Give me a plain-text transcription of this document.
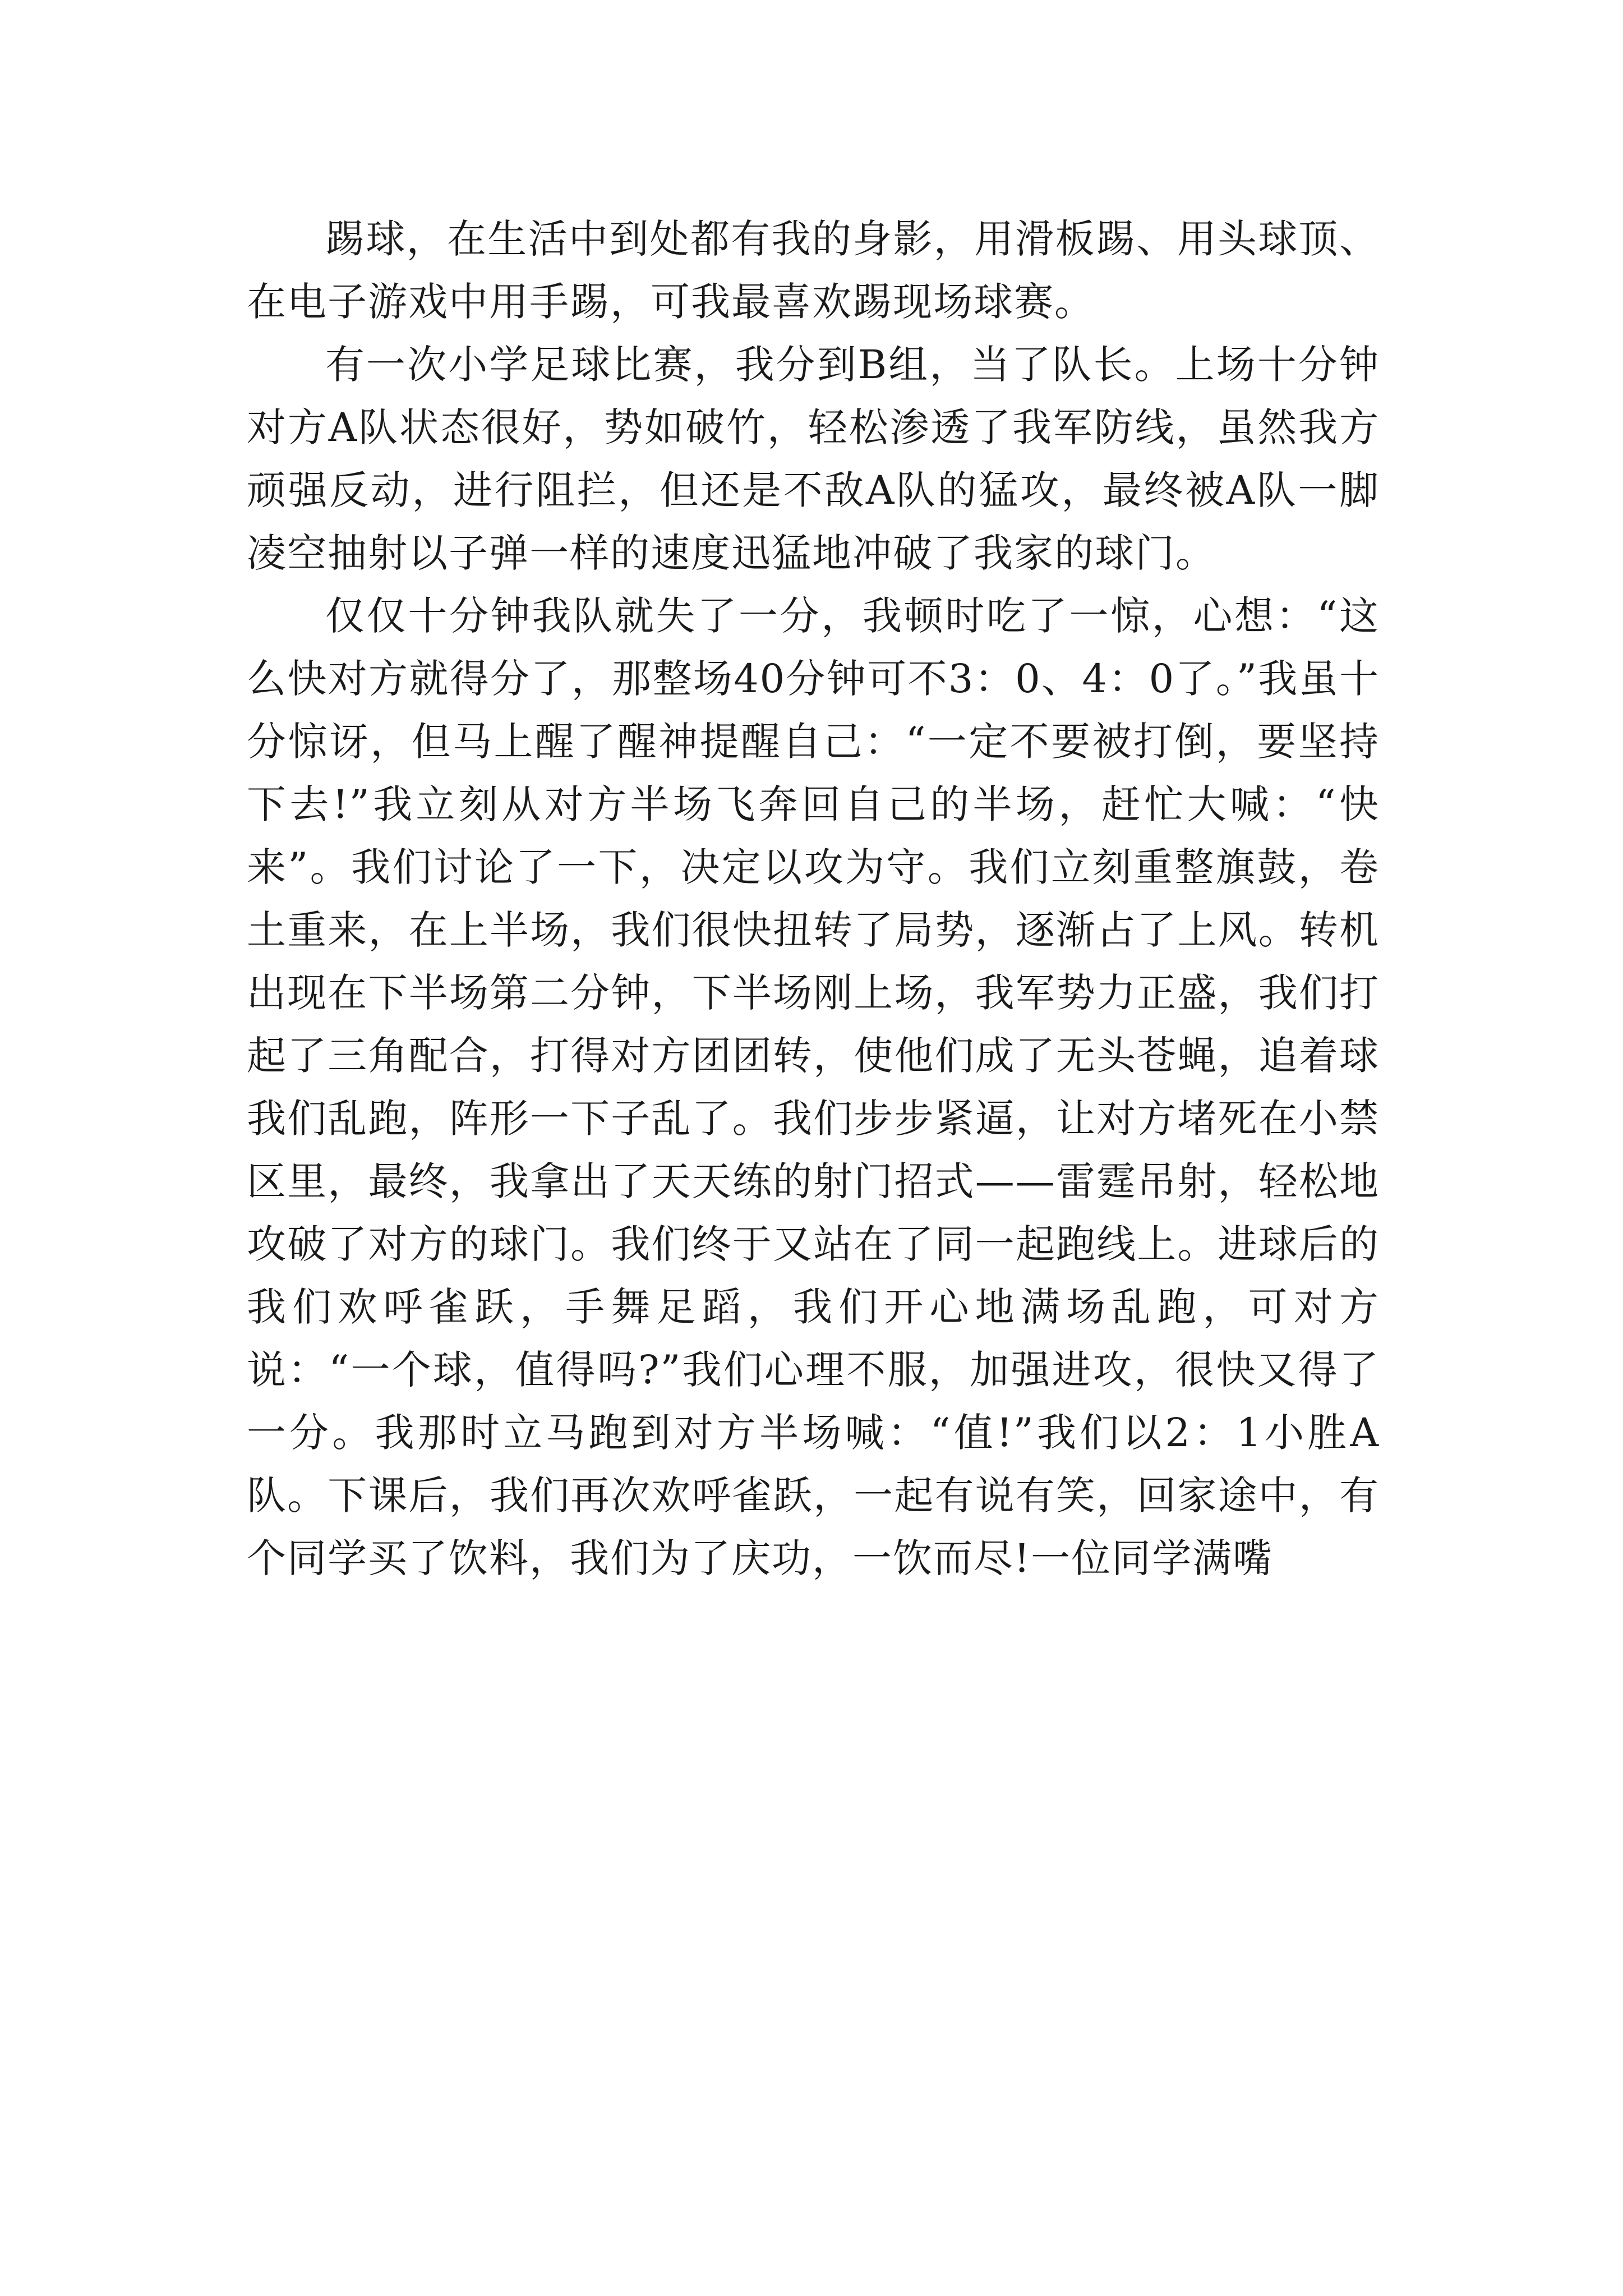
踢球，在生活中到处都有我的身影，用滑板踢、用头球顶、在电子游戏中用手踢，可我最喜欢踢现场球赛。

有一次小学足球比赛，我分到B组，当了队长。上场十分钟对方A队状态很好，势如破竹，轻松渗透了我军防线，虽然我方顽强反动，进行阻拦，但还是不敌A队的猛攻，最终被A队一脚凌空抽射以子弹一样的速度迅猛地冲破了我家的球门。

仅仅十分钟我队就失了一分，我顿时吃了一惊，心想：“这么快对方就得分了，那整场40分钟可不3：0、4：0了。”我虽十分惊讶，但马上醒了醒神提醒自己：“一定不要被打倒，要坚持下去!”我立刻从对方半场飞奔回自己的半场，赶忙大喊：“快来”。我们讨论了一下，决定以攻为守。我们立刻重整旗鼓，卷土重来，在上半场，我们很快扭转了局势，逐渐占了上风。转机出现在下半场第二分钟，下半场刚上场，我军势力正盛，我们打起了三角配合，打得对方团团转，使他们成了无头苍蝇，追着球我们乱跑，阵形一下子乱了。我们步步紧逼，让对方堵死在小禁区里，最终，我拿出了天天练的射门招式——雷霆吊射，轻松地攻破了对方的球门。我们终于又站在了同一起跑线上。进球后的我们欢呼雀跃，手舞足蹈，我们开心地满场乱跑，可对方说：“一个球，值得吗?”我们心理不服，加强进攻，很快又得了一分。我那时立马跑到对方半场喊：“值!”我们以2：1小胜A队。下课后，我们再次欢呼雀跃，一起有说有笑，回家途中，有个同学买了饮料，我们为了庆功，一饮而尽!一位同学满嘴
